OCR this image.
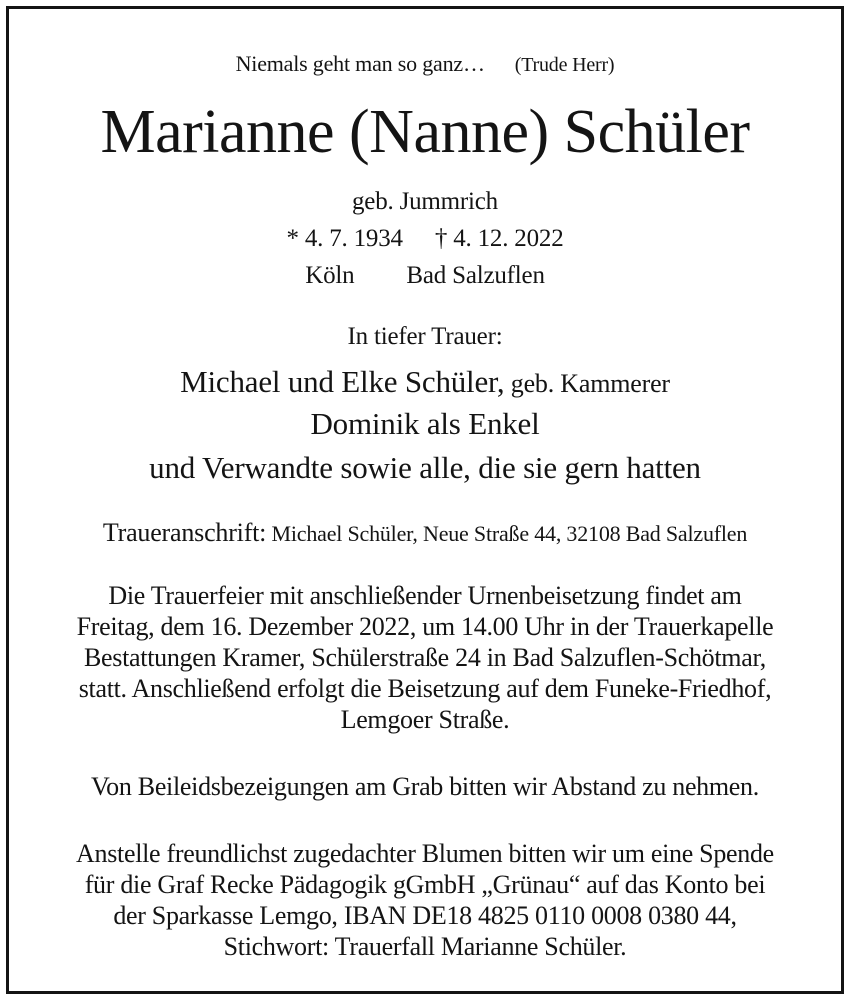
Niemals geht man so ganz… (Trude Herr)
Marianne (Nanne) Schüler
geb. Jummrich
* 4. 7. 1934 † 4. 12. 2022
Köln Bad Salzuflen
In tiefer Trauer:
Michael und Elke Schüler, geb. Kammerer
Dominik als Enkel
und Verwandte sowie alle, die sie gern hatten
Traueranschrift: Michael Schüler, Neue Straße 44, 32108 Bad Salzuflen
Die Trauerfeier mit anschließender Urnenbeisetzung findet am
Freitag, dem 16. Dezember 2022, um 14.00 Uhr in der Trauerkapelle
Bestattungen Kramer, Schülerstraße 24 in Bad Salzuflen-Schötmar,
statt. Anschließend erfolgt die Beisetzung auf dem Funeke-Friedhof,
Lemgoer Straße.
Von Beileidsbezeigungen am Grab bitten wir Abstand zu nehmen.
Anstelle freundlichst zugedachter Blumen bitten wir um eine Spende
für die Graf Recke Pädagogik gGmbH „Grünau“ auf das Konto bei
der Sparkasse Lemgo, IBAN DE18 4825 0110 0008 0380 44,
Stichwort: Trauerfall Marianne Schüler.
